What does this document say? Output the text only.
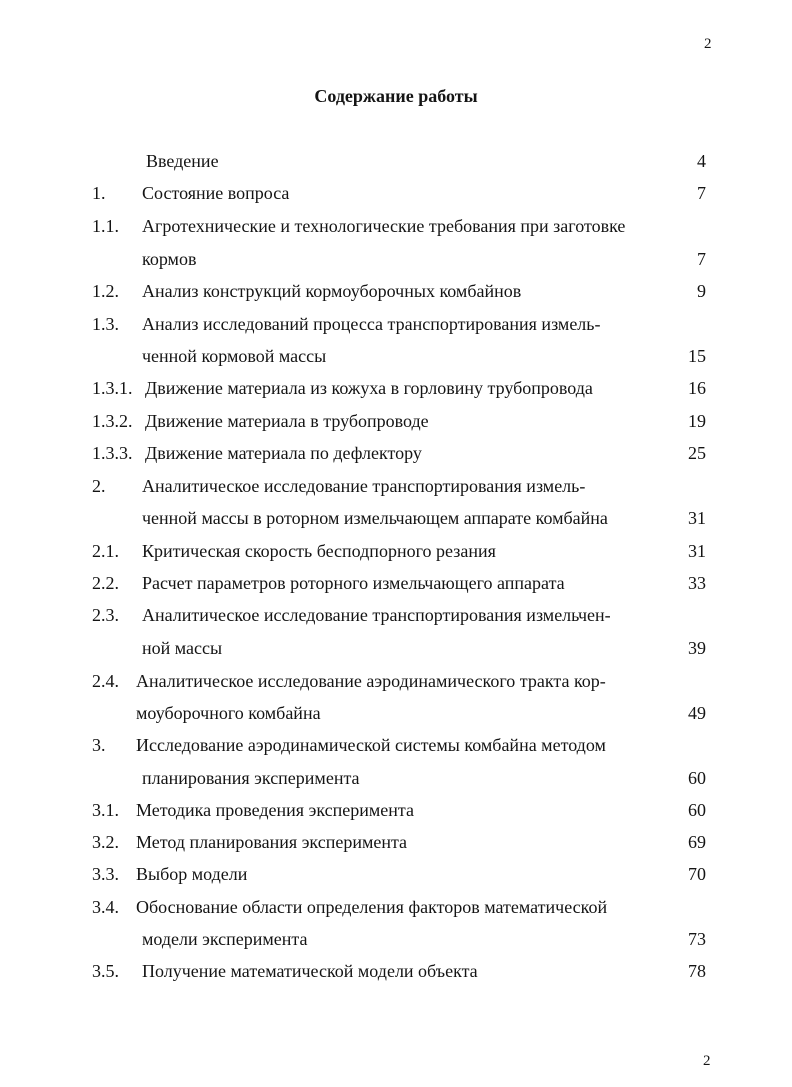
2
Содержание работы
Введение	4
1. Состояние вопроса	7
1.1. Агротехнические и технологические требования при заготовке
кормов	7
1.2. Анализ конструкций кормоуборочных комбайнов	9
1.3. Анализ исследований процесса транспортирования измель-
ченной кормовой массы	15
1.3.1. Движение материала из кожуха в горловину трубопровода	16
1.3.2. Движение материала в трубопроводе	19
1.3.3. Движение материала по дефлектору	25
2. Аналитическое исследование транспортирования измель-
ченной массы в роторном измельчающем аппарате комбайна	31
2.1. Критическая скорость бесподпорного резания	31
2.2. Расчет параметров роторного измельчающего аппарата	33
2.3. Аналитическое исследование транспортирования измельчен-
ной массы	39
2.4. Аналитическое исследование аэродинамического тракта кор-
моуборочного комбайна	49
3. Исследование аэродинамической системы комбайна методом
планирования эксперимента	60
3.1. Методика проведения эксперимента	60
3.2. Метод планирования эксперимента	69
3.3. Выбор модели	70
3.4. Обоснование области определения факторов математической
модели эксперимента	73
3.5. Получение математической модели объекта	78
2
